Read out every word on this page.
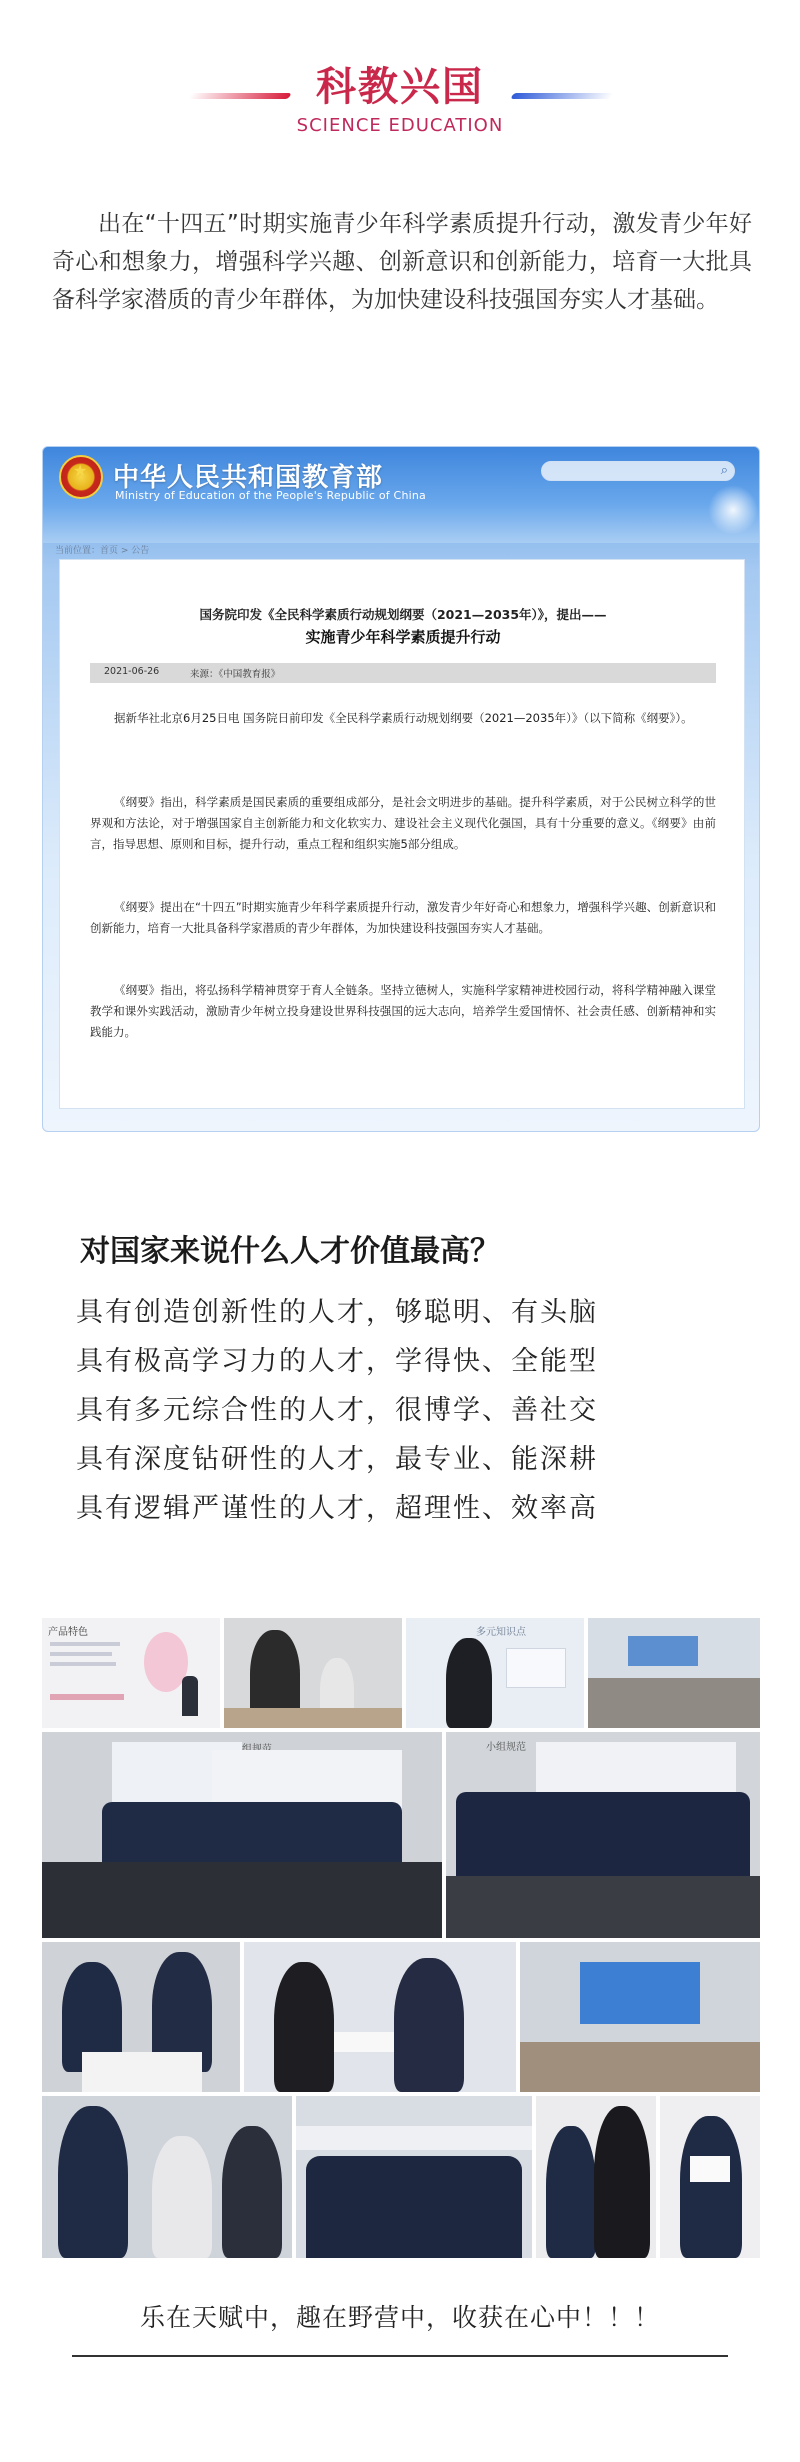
科教兴国
SCIENCE EDUCATION

出在“十四五”时期实施青少年科学素质提升行动，激发青少年好奇心和想象力，增强科学兴趣、创新意识和创新能力，培育一大批具备科学家潜质的青少年群体，为加快建设科技强国夯实人才基础。

★ 中华人民共和国教育部
Ministry of Education of the People's Republic of China
⌕
当前位置：首页 > 公告
国务院印发《全民科学素质行动规划纲要（2021—2035年）》，提出——
实施青少年科学素质提升行动
2021-06-26	来源：《中国教育报》

据新华社北京6月25日电 国务院日前印发《全民科学素质行动规划纲要（2021—2035年）》（以下简称《纲要》）。

《纲要》指出，科学素质是国民素质的重要组成部分，是社会文明进步的基础。提升科学素质，对于公民树立科学的世界观和方法论，对于增强国家自主创新能力和文化软实力、建设社会主义现代化强国，具有十分重要的意义。《纲要》由前言，指导思想、原则和目标，提升行动，重点工程和组织实施5部分组成。

《纲要》提出在“十四五”时期实施青少年科学素质提升行动，激发青少年好奇心和想象力，增强科学兴趣、创新意识和创新能力，培育一大批具备科学家潜质的青少年群体，为加快建设科技强国夯实人才基础。

《纲要》指出，将弘扬科学精神贯穿于育人全链条。坚持立德树人，实施科学家精神进校园行动，将科学精神融入课堂教学和课外实践活动，激励青少年树立投身建设世界科技强国的远大志向，培养学生爱国情怀、社会责任感、创新精神和实践能力。

对国家来说什么人才价值最高？
具有创造创新性的人才，够聪明、有头脑
具有极高学习力的人才，学得快、全能型
具有多元综合性的人才，很博学、善社交
具有深度钻研性的人才，最专业、能深耕
具有逻辑严谨性的人才，超理性、效率高
产品特色	多元知识点
小组规范
乐在天赋中，趣在野营中，收获在心中！！！
